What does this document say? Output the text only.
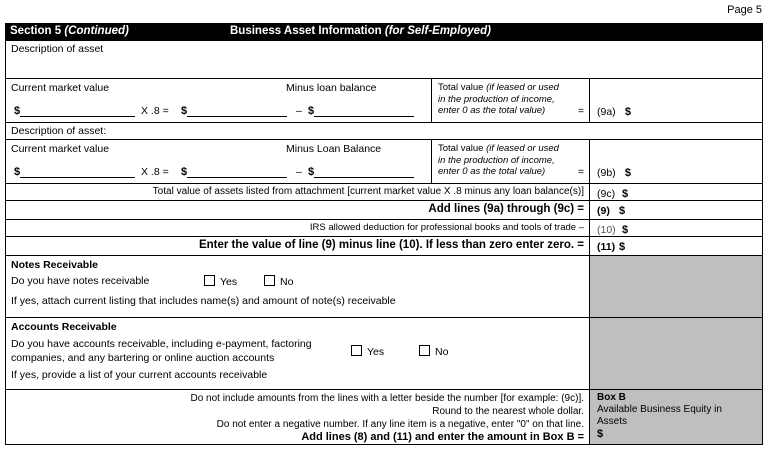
Page 5
Section 5 (Continued)	Business Asset Information (for Self-Employed)
Description of asset
Current market value	Minus loan balance
$	X .8 = $	– $
Total value (if leased or used
in the production of income,
enter 0 as the total value)	= (9a) $
Description of asset:
Current market value	Minus Loan Balance
$	X .8 = $	– $
Total value (if leased or used
in the production of income,
enter 0 as the total value)	= (9b) $
Total value of assets listed from attachment [current market value X .8 minus any loan balance(s)]	(9c) $
Add lines (9a) through (9c) =	(9) $
IRS allowed deduction for professional books and tools of trade –	(10) $
Enter the value of line (9) minus line (10). If less than zero enter zero. =	(11) $
Notes Receivable
Do you have notes receivable	Yes	No
If yes, attach current listing that includes name(s) and amount of note(s) receivable
Accounts Receivable
Do you have accounts receivable, including e-payment, factoring
companies, and any bartering or online auction accounts	Yes	No
If yes, provide a list of your current accounts receivable
Do not include amounts from the lines with a letter beside the number [for example: (9c)].
Round to the nearest whole dollar.
Do not enter a negative number. If any line item is a negative, enter "0" on that line.
Add lines (8) and (11) and enter the amount in Box B =
Box B
Available Business Equity in
Assets
$
